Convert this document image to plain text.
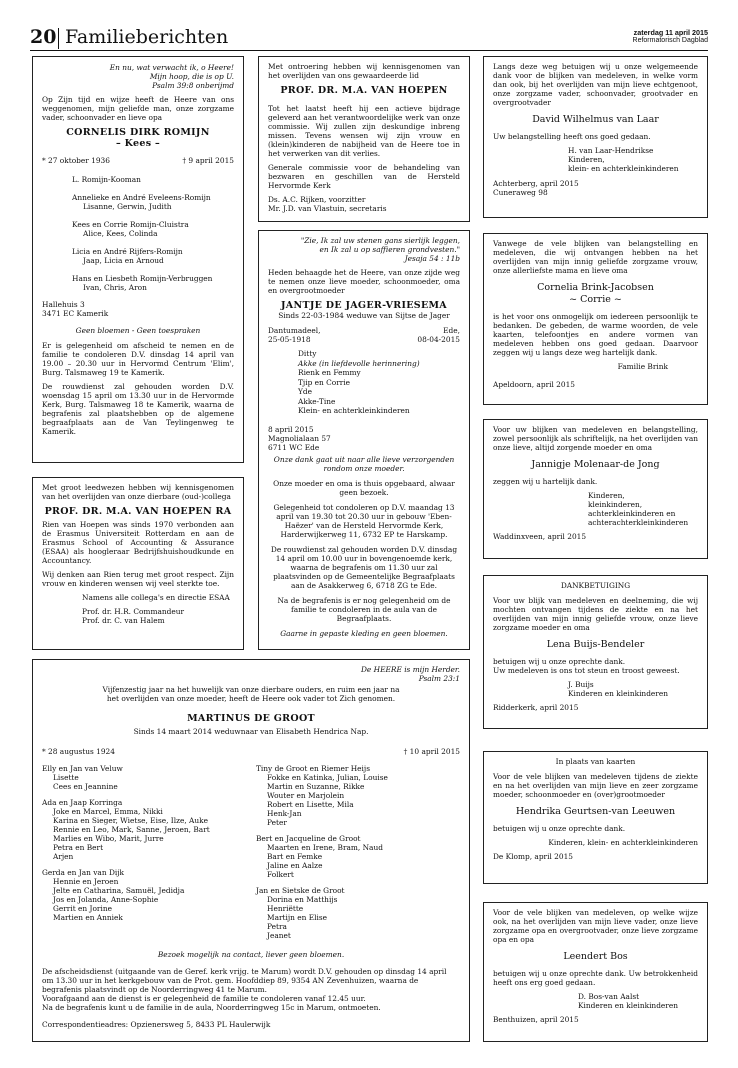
20 Familieberichten	zaterdag 11 april 2015
Reformatorisch Dagblad
En nu, wat verwacht ik, o Heere!
Mijn hoop, die is op U.
Psalm 39:8 onberijmd

Op Zijn tijd en wijze heeft de Heere van ons weggenomen, mijn geliefde man, onze zorgzame vader, schoonvader en lieve opa

CORNELIS DIRK ROMIJN
– Kees –
* 27 oktober 1936	† 9 april 2015
L. Romijn-Kooman
Annelieke en André Eveleens-Romijn
Lisanne, Gerwin, Judith
Kees en Corrie Romijn-Cluistra
Alice, Kees, Colinda
Licia en André Rijfers-Romijn
Jaap, Licia en Arnoud
Hans en Liesbeth Romijn-Verbruggen
Ivan, Chris, Aron
Hallehuis 3
3471 EC Kamerik
Geen bloemen - Geen toespraken

Er is gelegenheid om afscheid te nemen en de familie te condoleren D.V. dinsdag 14 april van 19.00 – 20.30 uur in Hervormd Centrum 'Elim', Burg. Talsmaweg 19 te Kamerik.

De rouwdienst zal gehouden worden D.V. woensdag 15 april om 13.30 uur in de Hervormde Kerk, Burg. Talsmaweg 18 te Kamerik, waarna de begrafenis zal plaatshebben op de algemene begraafplaats aan de Van Teylingenweg te Kamerik.

Met ontroering hebben wij kennisgenomen van het overlijden van ons gewaardeerde lid

PROF. DR. M.A. VAN HOEPEN

Tot het laatst heeft hij een actieve bijdrage geleverd aan het verantwoordelijke werk van onze commissie. Wij zullen zijn deskundige inbreng missen. Tevens wensen wij zijn vrouw en (klein)kinderen de nabijheid van de Heere toe in het verwerken van dit verlies.

Generale commissie voor de behandeling van bezwaren en geschillen van de Hersteld Hervormde Kerk

Ds. A.C. Rijken, voorzitter
Mr. J.D. van Vlastuin, secretaris

Met groot leedwezen hebben wij kennisgenomen van het overlijden van onze dierbare (oud-)collega

PROF. DR. M.A. VAN HOEPEN RA

Rien van Hoepen was sinds 1970 verbonden aan de Erasmus Universiteit Rotterdam en aan de Erasmus School of Accounting & Assurance (ESAA) als hoogleraar Bedrijfshuishoudkunde en Accountancy.

Wij denken aan Rien terug met groot respect. Zijn vrouw en kinderen wensen wij veel sterkte toe.

Namens alle collega's en directie ESAA
Prof. dr. H.R. Commandeur
Prof. dr. C. van Halem
"Zie, Ik zal uw stenen gans sierlijk leggen,
en Ik zal u op saffieren grondvesten."
Jesaja 54 : 11b

Heden behaagde het de Heere, van onze zijde weg te nemen onze lieve moeder, schoonmoeder, oma en overgrootmoeder

JANTJE DE JAGER-VRIESEMA
Sinds 22-03-1984 weduwe van Sijtse de Jager
Dantumadeel,	Ede,
25-05-1918	08-04-2015
Ditty
Akke (in liefdevolle herinnering)
Rienk en Femmy
Tjip en Corrie
Yde
Akke-Tine
Klein- en achterkleinkinderen
8 april 2015
Magnolialaan 57
6711 WC Ede
Onze dank gaat uit naar alle lieve verzorgenden rondom onze moeder.
Onze moeder en oma is thuis opgebaard, alwaar geen bezoek.
Gelegenheid tot condoleren op D.V. maandag 13 april van 19.30 tot 20.30 uur in gebouw 'Eben-Haëzer' van de Hersteld Hervormde Kerk, Harderwijkerweg 11, 6732 EP te Harskamp.
De rouwdienst zal gehouden worden D.V. dinsdag 14 april om 10.00 uur in bovengenoemde kerk, waarna de begrafenis om 11.30 uur zal plaatsvinden op de Gemeentelijke Begraafplaats aan de Asakkerweg 6, 6718 ZG te Ede.
Na de begrafenis is er nog gelegenheid om de familie te condoleren in de aula van de Begraafplaats.
Gaarne in gepaste kleding en geen bloemen.
De HEERE is mijn Herder.
Psalm 23:1
Vijfenzestig jaar na het huwelijk van onze dierbare ouders, en ruim een jaar na het overlijden van onze moeder, heeft de Heere ook vader tot Zich genomen.
MARTINUS DE GROOT
Sinds 14 maart 2014 weduwnaar van Elisabeth Hendrica Nap.
* 28 augustus 1924	† 10 april 2015
Elly en Jan van Veluw
Lisette
Cees en Jeannine
Ada en Jaap Korringa
Joke en Marcel, Emma, Nikki
Karina en Sieger, Wietse, Eise, Ilze, Auke
Rennie en Leo, Mark, Sanne, Jeroen, Bart
Marlies en Wibo, Marit, Jurre
Petra en Bert
Arjen
Gerda en Jan van Dijk
Hennie en Jeroen
Jelte en Catharina, Samuël, Jedidja
Jos en Jolanda, Anne-Sophie
Gerrit en Jorine
Martien en Anniek
Tiny de Groot en Riemer Heijs
Fokke en Katinka, Julian, Louise
Martin en Suzanne, Rikke
Wouter en Marjolein
Robert en Lisette, Mila
Henk-Jan
Peter
Bert en Jacqueline de Groot
Maarten en Irene, Bram, Naud
Bart en Femke
Jaline en Aalze
Folkert
Jan en Sietske de Groot
Dorina en Matthijs
Henriëtte
Martijn en Elise
Petra
Jeanet
Bezoek mogelijk na contact, liever geen bloemen.
De afscheidsdienst (uitgaande van de Geref. kerk vrijg. te Marum) wordt D.V. gehouden op dinsdag 14 april om 13.30 uur in het kerkgebouw van de Prot. gem. Hoofddiep 89, 9354 AN Zevenhuizen, waarna de begrafenis plaatsvindt op de Noorderringweg 41 te Marum.
Voorafgaand aan de dienst is er gelegenheid de familie te condoleren vanaf 12.45 uur.
Na de begrafenis kunt u de familie in de aula, Noorderringweg 15c in Marum, ontmoeten.
Correspondentieadres: Opzienersweg 5, 8433 PL Haulerwijk

Langs deze weg betuigen wij u onze welgemeende dank voor de blijken van medeleven, in welke vorm dan ook, bij het overlijden van mijn lieve echtgenoot, onze zorgzame vader, schoonvader, grootvader en overgrootvader

David Wilhelmus van Laar
Uw belangstelling heeft ons goed gedaan.
H. van Laar-Hendrikse
Kinderen,
klein- en achterkleinkinderen
Achterberg, april 2015
Cuneraweg 98

Vanwege de vele blijken van belangstelling en medeleven, die wij ontvangen hebben na het overlijden van mijn innig geliefde zorgzame vrouw, onze allerliefste mama en lieve oma

Cornelia Brink-Jacobsen
~ Corrie ~

is het voor ons onmogelijk om iedereen persoonlijk te bedanken. De gebeden, de warme woorden, de vele kaarten, telefoontjes en andere vormen van medeleven hebben ons goed gedaan. Daarvoor zeggen wij u langs deze weg hartelijk dank.

Familie Brink
Apeldoorn, april 2015

Voor uw blijken van medeleven en belangstelling, zowel persoonlijk als schriftelijk, na het overlijden van onze lieve, altijd zorgende moeder en oma

Jannigje Molenaar-de Jong
zeggen wij u hartelijk dank.
Kinderen,
kleinkinderen,
achterkleinkinderen en
achterachterkleinkinderen
Waddinxveen, april 2015
DANKBETUIGING

Voor uw blijk van medeleven en deelneming, die wij mochten ontvangen tijdens de ziekte en na het overlijden van mijn innig geliefde vrouw, onze lieve zorgzame moeder en oma

Lena Buijs-Bendeler
betuigen wij u onze oprechte dank.
Uw medeleven is ons tot steun en troost geweest.
J. Buijs
Kinderen en kleinkinderen
Ridderkerk, april 2015
In plaats van kaarten

Voor de vele blijken van medeleven tijdens de ziekte en na het overlijden van mijn lieve en zeer zorgzame moeder, schoonmoeder en (over)grootmoeder

Hendrika Geurtsen-van Leeuwen
betuigen wij u onze oprechte dank.
Kinderen, klein- en achterkleinkinderen
De Klomp, april 2015

Voor de vele blijken van medeleven, op welke wijze ook, na het overlijden van mijn lieve vader, onze lieve zorgzame opa en overgrootvader, onze lieve zorgzame opa en opa

Leendert Bos

betuigen wij u onze oprechte dank. Uw betrokkenheid heeft ons erg goed gedaan.

D. Bos-van Aalst
Kinderen en kleinkinderen
Benthuizen, april 2015
